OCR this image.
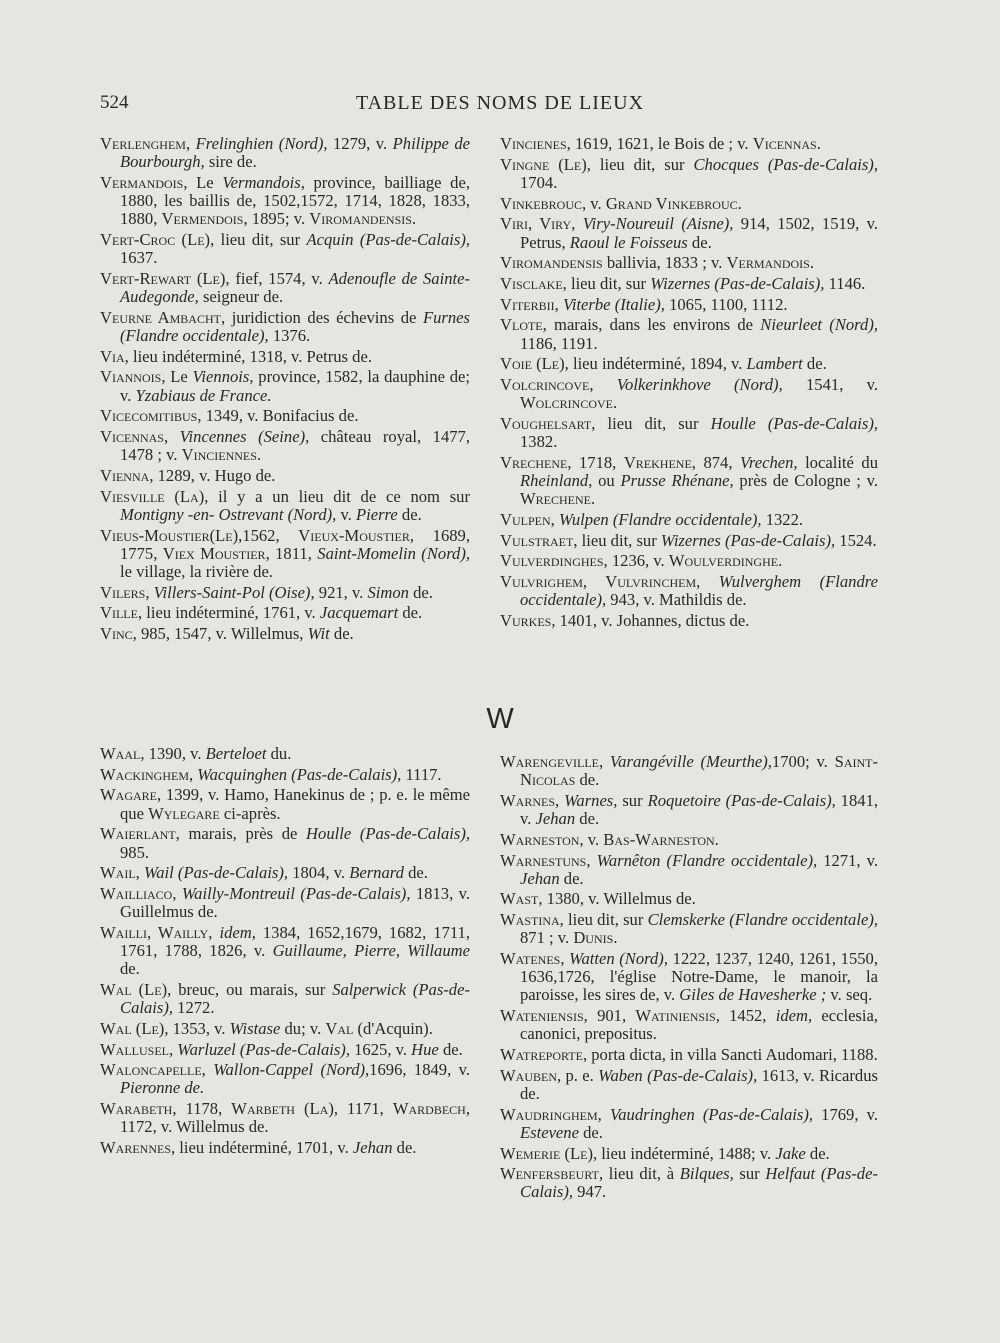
524	TABLE DES NOMS DE LIEUX

Verlenghem, Frelinghien (Nord), 1279, v. Philippe de Bourbourgh, sire de.

Vermandois, Le Vermandois, province, bailliage de, 1880, les baillis de, 1502,1572, 1714, 1828, 1833, 1880, Vermendois, 1895; v. Viromandensis.

Vert-Croc (Le), lieu dit, sur Acquin (Pas-de-Calais), 1637.

Vert-Rewart (Le), fief, 1574, v. Adenoufle de Sainte-Audegonde, seigneur de.

Veurne Ambacht, juridiction des échevins de Furnes (Flandre occidentale), 1376.

Via, lieu indéterminé, 1318, v. Petrus de.

Viannois, Le Viennois, province, 1582, la dauphine de; v. Yzabiaus de France.

Vicecomitibus, 1349, v. Bonifacius de.

Vicennas, Vincennes (Seine), château royal, 1477, 1478 ; v. Vinciennes.

Vienna, 1289, v. Hugo de.

Viesville (La), il y a un lieu dit de ce nom sur Montigny -en- Ostrevant (Nord), v. Pierre de.

Vieus-Moustier(Le),1562, Vieux-Moustier, 1689, 1775, Viex Moustier, 1811, Saint-Momelin (Nord), le village, la rivière de.

Vilers, Villers-Saint-Pol (Oise), 921, v. Simon de.

Ville, lieu indéterminé, 1761, v. Jacquemart de.

Vinc, 985, 1547, v. Willelmus, Wit de.

Vincienes, 1619, 1621, le Bois de ; v. Vicennas.

Vingne (Le), lieu dit, sur Chocques (Pas-de-Calais), 1704.

Vinkebrouc, v. Grand Vinkebrouc.

Viri, Viry, Viry-Noureuil (Aisne), 914, 1502, 1519, v. Petrus, Raoul le Foisseus de.

Viromandensis ballivia, 1833 ; v. Vermandois.

Visclake, lieu dit, sur Wizernes (Pas-de-Calais), 1146.

Viterbii, Viterbe (Italie), 1065, 1100, 1112.

Vlote, marais, dans les environs de Nieurleet (Nord), 1186, 1191.

Voie (Le), lieu indéterminé, 1894, v. Lambert de.

Volcrincove, Volkerinkhove (Nord), 1541, v. Wolcrincove.

Voughelsart, lieu dit, sur Houlle (Pas-de-Calais), 1382.

Vrechene, 1718, Vrekhene, 874, Vrechen, localité du Rheinland, ou Prusse Rhénane, près de Cologne ; v. Wrechene.

Vulpen, Wulpen (Flandre occidentale), 1322.

Vulstraet, lieu dit, sur Wizernes (Pas-de-Calais), 1524.

Vulverdinghes, 1236, v. Woulverdinghe.

Vulvrighem, Vulvrinchem, Wulverghem (Flandre occidentale), 943, v. Mathildis de.

Vurkes, 1401, v. Johannes, dictus de.

W

Waal, 1390, v. Berteloet du.

Wackinghem, Wacquinghen (Pas-de-Calais), 1117.

Wagare, 1399, v. Hamo, Hanekinus de ; p. e. le même que Wylegare ci-après.

Waierlant, marais, près de Houlle (Pas-de-Calais), 985.

Wail, Wail (Pas-de-Calais), 1804, v. Bernard de.

Wailliaco, Wailly-Montreuil (Pas-de-Calais), 1813, v. Guillelmus de.

Wailli, Wailly, idem, 1384, 1652,1679, 1682, 1711, 1761, 1788, 1826, v. Guillaume, Pierre, Willaume de.

Wal (Le), breuc, ou marais, sur Salperwick (Pas-de-Calais), 1272.

Wal (Le), 1353, v. Wistase du; v. Val (d'Acquin).

Wallusel, Warluzel (Pas-de-Calais), 1625, v. Hue de.

Waloncapelle, Wallon-Cappel (Nord),1696, 1849, v. Pieronne de.

Warabeth, 1178, Warbeth (La), 1171, Wardbech, 1172, v. Willelmus de.

Warennes, lieu indéterminé, 1701, v. Jehan de.

Warengeville, Varangéville (Meurthe),1700; v. Saint-Nicolas de.

Warnes, Warnes, sur Roquetoire (Pas-de-Calais), 1841, v. Jehan de.

Warneston, v. Bas-Warneston.

Warnestuns, Warnêton (Flandre occidentale), 1271, v. Jehan de.

Wast, 1380, v. Willelmus de.

Wastina, lieu dit, sur Clemskerke (Flandre occidentale), 871 ; v. Dunis.

Watenes, Watten (Nord), 1222, 1237, 1240, 1261, 1550, 1636,1726, l'église Notre-Dame, le manoir, la paroisse, les sires de, v. Giles de Havesherke ; v. seq.

Wateniensis, 901, Watiniensis, 1452, idem, ecclesia, canonici, prepositus.

Watreporte, porta dicta, in villa Sancti Audomari, 1188.

Wauben, p. e. Waben (Pas-de-Calais), 1613, v. Ricardus de.

Waudringhem, Vaudringhen (Pas-de-Calais), 1769, v. Estevene de.

Wemerie (Le), lieu indéterminé, 1488; v. Jake de.

Wenfersbeurt, lieu dit, à Bilques, sur Helfaut (Pas-de-Calais), 947.
